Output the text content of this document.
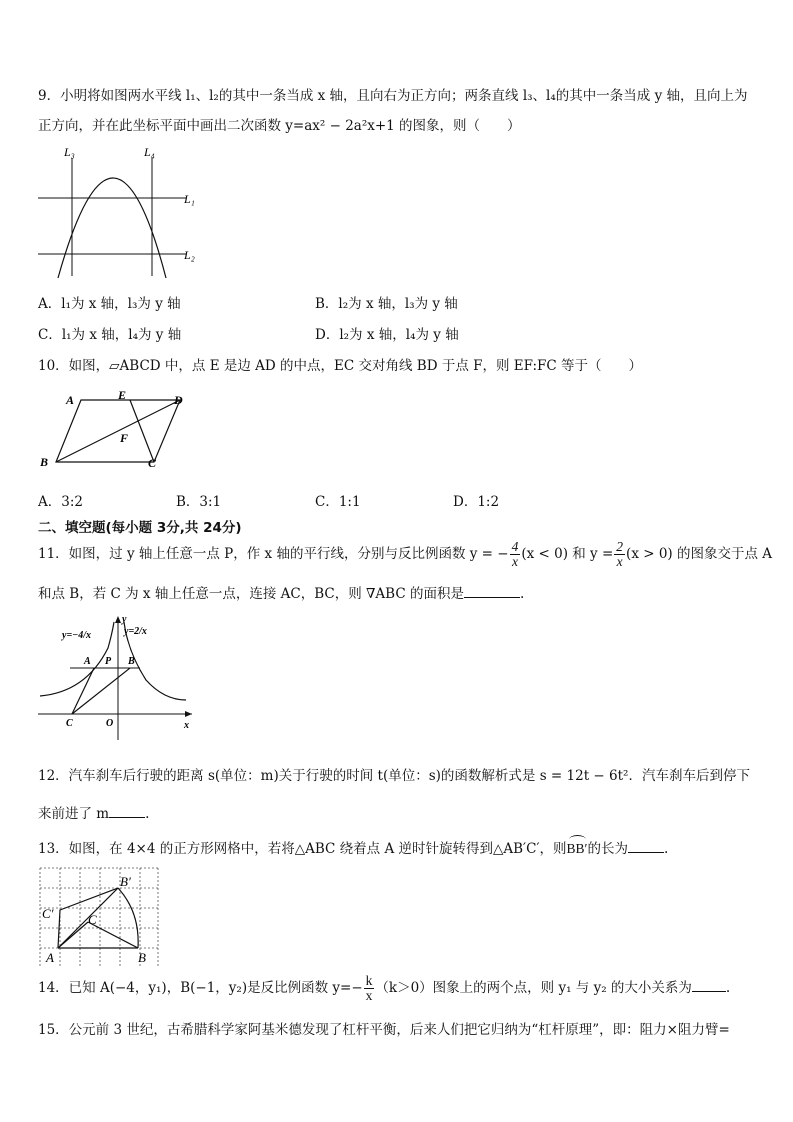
9．小明将如图两水平线 l₁、l₂的其中一条当成 x 轴，且向右为正方向；两条直线 l₃、l₄的其中一条当成 y 轴，且向上为
正方向，并在此坐标平面中画出二次函数 y=ax² − 2a²x+1 的图象，则（　　）
L₃	L₄
L₁
L₂
A．l₁为 x 轴，l₃为 y 轴	B．l₂为 x 轴，l₃为 y 轴
C．l₁为 x 轴，l₄为 y 轴	D．l₂为 x 轴，l₄为 y 轴
10．如图，▱ABCD 中，点 E 是边 AD 的中点，EC 交对角线 BD 于点 F，则 EF:FC 等于（　　）
A	E	D
F
B	C
A．3:2	B．3:1	C．1:1	D．1:2
二、填空题(每小题 3分,共 24分)
11．如图，过 y 轴上任意一点 P，作 x 轴的平行线，分别与反比例函数 y = − $\frac{4}{x} (x < 0)$ 和 $y = \frac{2}{x} (x > 0)$ 的图象交于点 A
和点 B，若 C 为 x 轴上任意一点，连接 AC，BC，则 ∇ABC 的面积是	.
y=−4/x	y=2/x
y
A P B
C	O	x
12．汽车刹车后行驶的距离 s(单位：m)关于行驶的时间 t(单位：s)的函数解析式是 s = 12t − 6t²．汽车刹车后到停下
来前进了 m	.
13．如图，在 4×4 的正方形网格中，若将△ABC 绕着点 A 逆时针旋转得到△AB′C′，则
BB′的长为	.
B′
C′	C
A	B
14．已知 A(−4，y₁)，B(−1，y₂)是反比例函数 $y=- \frac{k}{x} (k>0)$图象上的两个点，则 y₁ 与 y₂ 的大小关系为	.
15．公元前 3 世纪，古希腊科学家阿基米德发现了杠杆平衡，后来人们把它归纳为“杠杆原理”，即：阻力×阻力臂=
